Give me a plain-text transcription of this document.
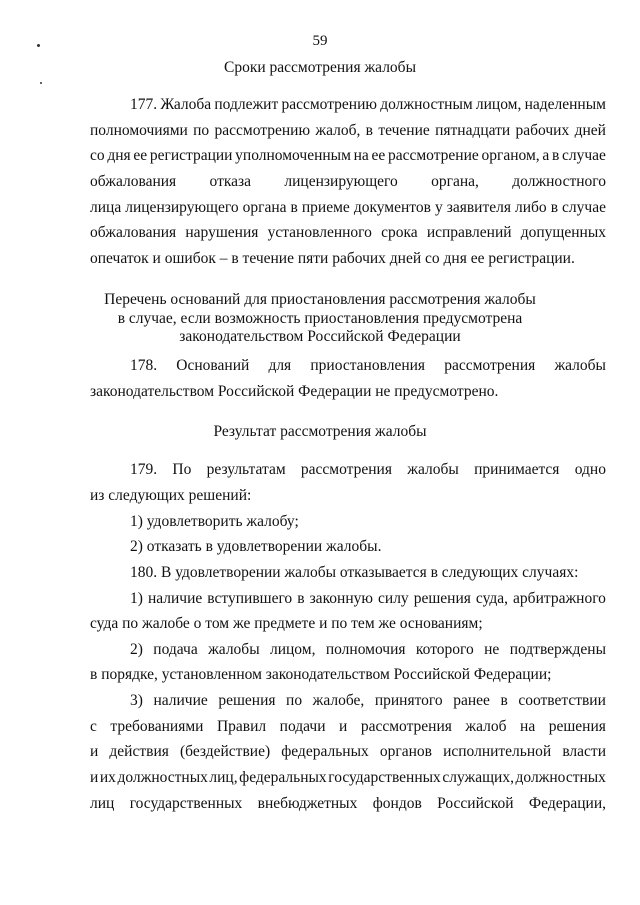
59
Сроки рассмотрения жалобы
177. Жалоба подлежит рассмотрению должностным лицом, наделенным
полномочиями по рассмотрению жалоб, в течение пятнадцати рабочих дней
со дня ее регистрации уполномоченным на ее рассмотрение органом, а в случае
обжалования отказа лицензирующего органа, должностного
лица лицензирующего органа в приеме документов у заявителя либо в случае
обжалования нарушения установленного срока исправлений допущенных
опечаток и ошибок – в течение пяти рабочих дней со дня ее регистрации.
Перечень оснований для приостановления рассмотрения жалобы
в случае, если возможность приостановления предусмотрена
законодательством Российской Федерации
178. Оснований для приостановления рассмотрения жалобы
законодательством Российской Федерации не предусмотрено.
Результат рассмотрения жалобы
179. По результатам рассмотрения жалобы принимается одно
из следующих решений:
1) удовлетворить жалобу;
2) отказать в удовлетворении жалобы.
180. В удовлетворении жалобы отказывается в следующих случаях:
1) наличие вступившего в законную силу решения суда, арбитражного
суда по жалобе о том же предмете и по тем же основаниям;
2) подача жалобы лицом, полномочия которого не подтверждены
в порядке, установленном законодательством Российской Федерации;
3) наличие решения по жалобе, принятого ранее в соответствии
с требованиями Правил подачи и рассмотрения жалоб на решения
и действия (бездействие) федеральных органов исполнительной власти
и их должностных лиц, федеральных государственных служащих, должностных
лиц государственных внебюджетных фондов Российской Федерации,
